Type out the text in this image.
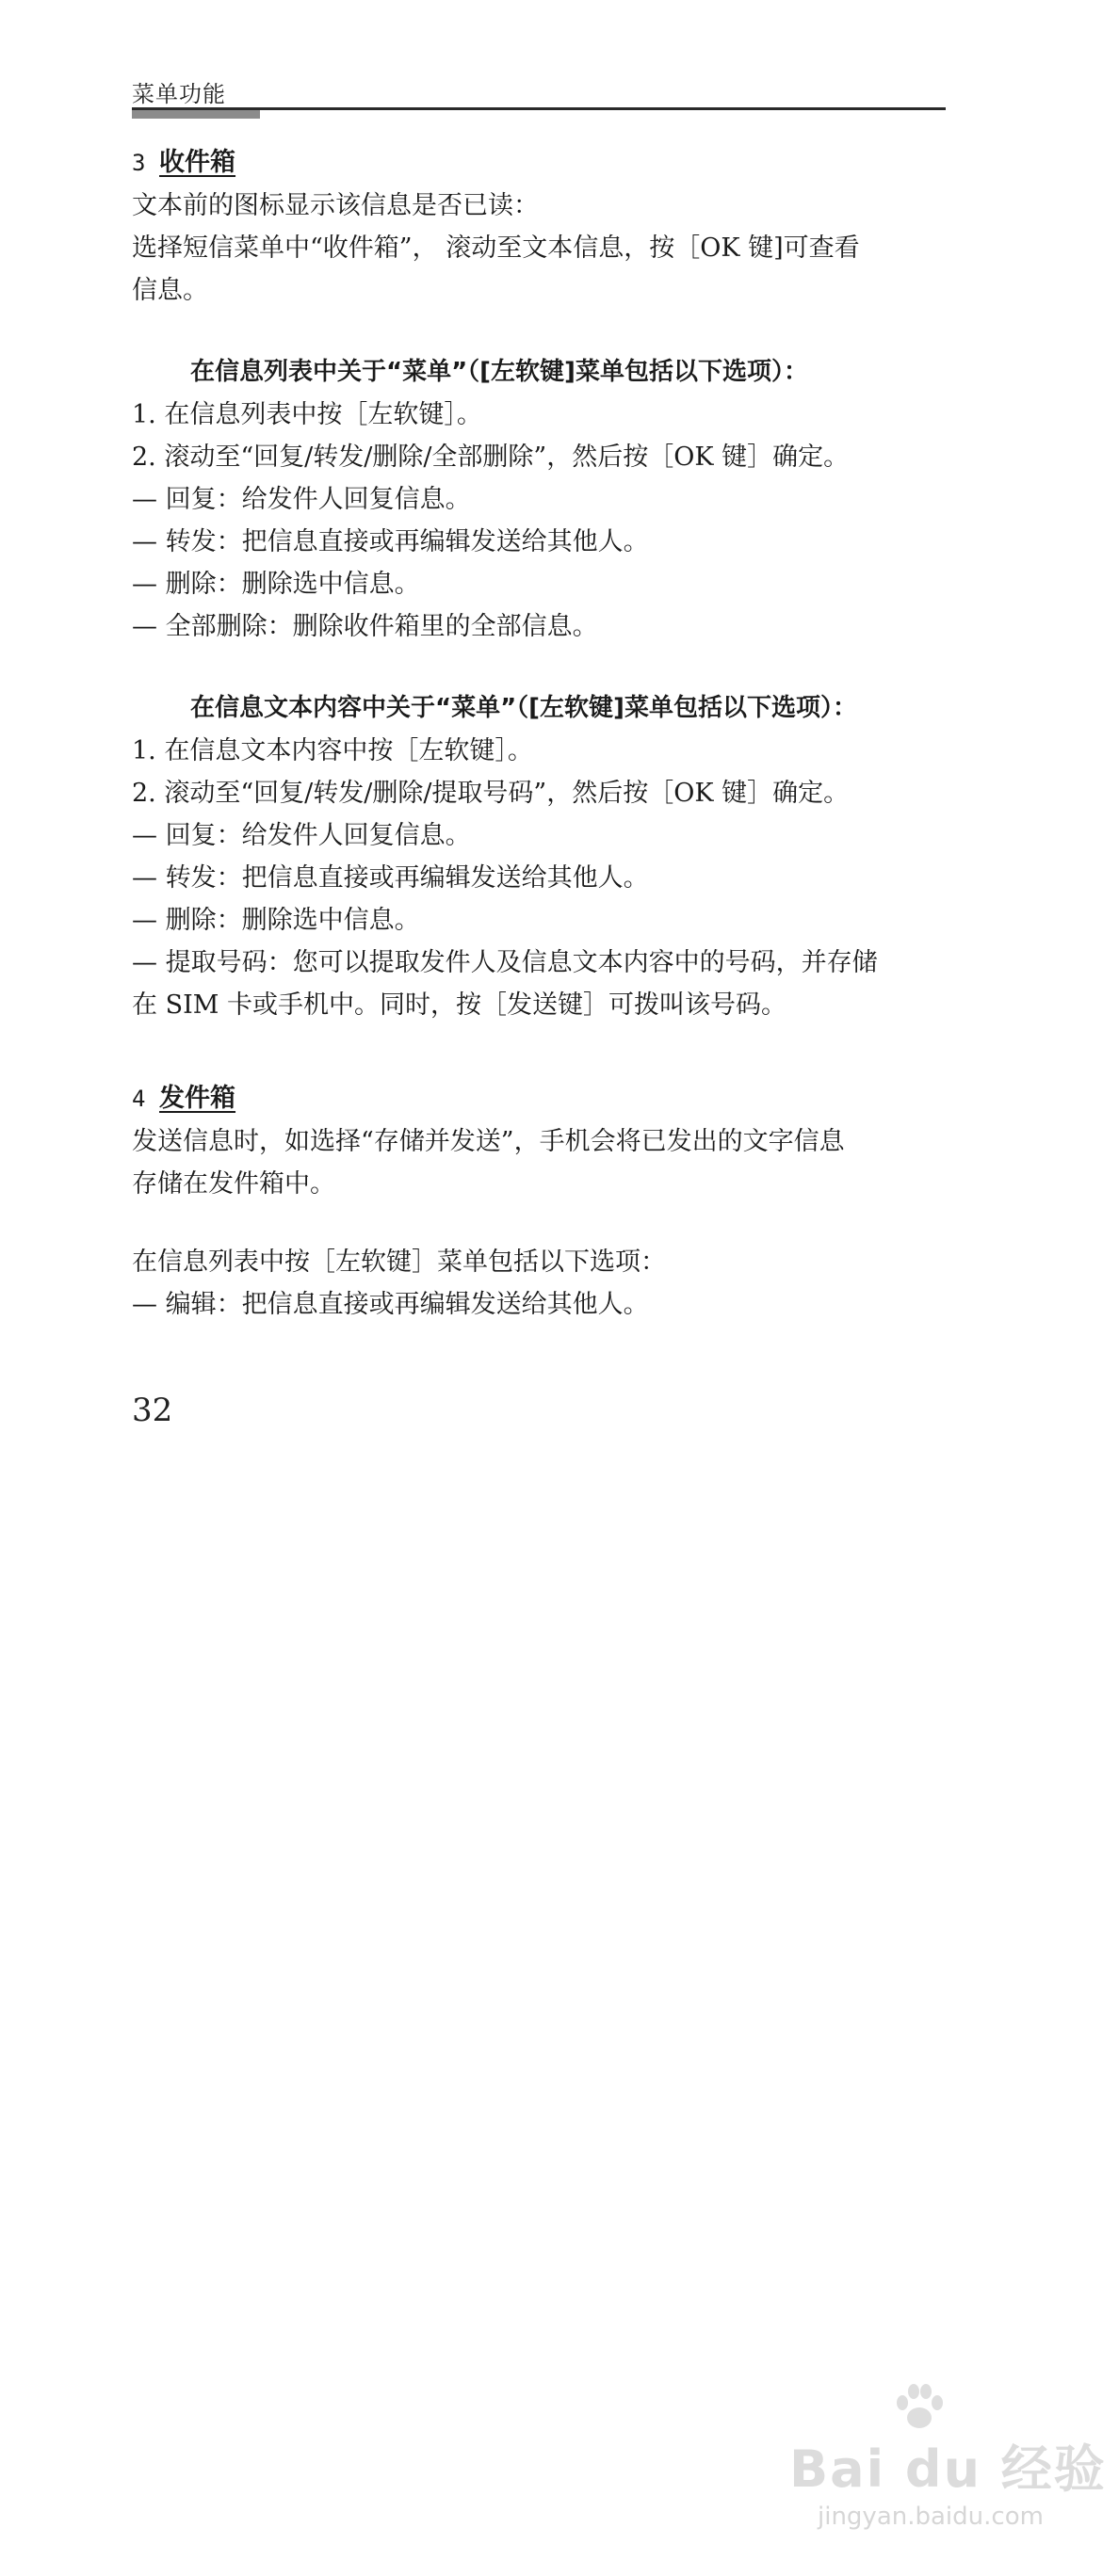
菜单功能

3 收件箱

文本前的图标显示该信息是否已读：

选择短信菜单中“收件箱”， 滚动至文本信息，按［OK 键]可查看

信息。

在信息列表中关于“菜单”（[左软键]菜单包括以下选项）：

1. 在信息列表中按［左软键］。

2. 滚动至“回复/转发/删除/全部删除”，然后按［OK 键］确定。

— 回复：给发件人回复信息。

— 转发：把信息直接或再编辑发送给其他人。

— 删除：删除选中信息。

— 全部删除：删除收件箱里的全部信息。

在信息文本内容中关于“菜单”（[左软键]菜单包括以下选项）：

1. 在信息文本内容中按［左软键］。

2. 滚动至“回复/转发/删除/提取号码”，然后按［OK 键］确定。

— 回复：给发件人回复信息。

— 转发：把信息直接或再编辑发送给其他人。

— 删除：删除选中信息。

— 提取号码：您可以提取发件人及信息文本内容中的号码，并存储

在 SIM 卡或手机中。同时，按［发送键］可拨叫该号码。

4 发件箱

发送信息时，如选择“存储并发送”，手机会将已发出的文字信息

存储在发件箱中。

在信息列表中按［左软键］菜单包括以下选项：

— 编辑：把信息直接或再编辑发送给其他人。

32
Bai du 经验
jingyan.baidu.com
